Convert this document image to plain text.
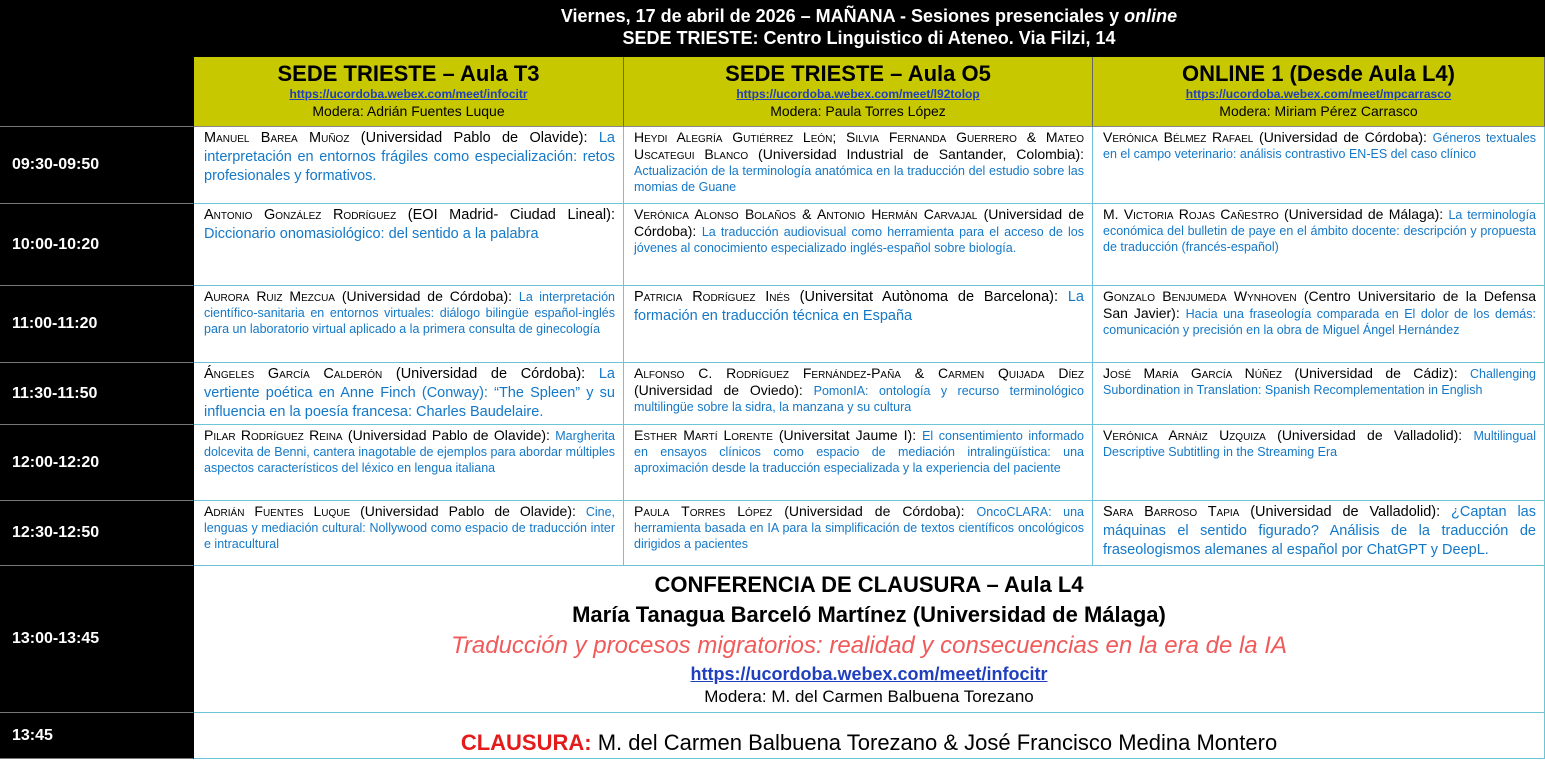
Viernes, 17 de abril de 2026 – MAÑANA - Sesiones presenciales y online
SEDE TRIESTE: Centro Linguistico di Ateneo. Via Filzi, 14
SEDE TRIESTE – Aula T3
https://ucordoba.webex.com/meet/infocitr
Modera: Adrián Fuentes Luque
SEDE TRIESTE – Aula O5
https://ucordoba.webex.com/meet/l92tolop
Modera: Paula Torres López
ONLINE 1 (Desde Aula L4)
https://ucordoba.webex.com/meet/mpcarrasco
Modera: Miriam Pérez Carrasco
09:30-09:50
Manuel Barea Muñoz (Universidad Pablo de Olavide): La interpretación en entornos frágiles como especialización: retos profesionales y formativos.
Heydi Alegría Gutiérrez León; Silvia Fernanda Guerrero & Mateo Uscategui Blanco (Universidad Industrial de Santander, Colombia): Actualización de la terminología anatómica en la traducción del estudio sobre las momias de Guane
Verónica Bélmez Rafael (Universidad de Córdoba): Géneros textuales en el campo veterinario: análisis contrastivo EN-ES del caso clínico
10:00-10:20
Antonio González Rodríguez (EOI Madrid- Ciudad Lineal): Diccionario onomasiológico: del sentido a la palabra
Verónica Alonso Bolaños & Antonio Hermán Carvajal (Universidad de Córdoba): La traducción audiovisual como herramienta para el acceso de los jóvenes al conocimiento especializado inglés-español sobre biología.
M. Victoria Rojas Cañestro (Universidad de Málaga): La terminología económica del bulletin de paye en el ámbito docente: descripción y propuesta de traducción (francés-español)
11:00-11:20
Aurora Ruiz Mezcua (Universidad de Córdoba): La interpretación científico-sanitaria en entornos virtuales: diálogo bilingüe español-inglés para un laboratorio virtual aplicado a la primera consulta de ginecología
Patricia Rodríguez Inés (Universitat Autònoma de Barcelona): La formación en traducción técnica en España
Gonzalo Benjumeda Wynhoven (Centro Universitario de la Defensa San Javier): Hacia una fraseología comparada en El dolor de los demás: comunicación y precisión en la obra de Miguel Ángel Hernández
11:30-11:50
Ángeles García Calderón (Universidad de Córdoba): La vertiente poética en Anne Finch (Conway): “The Spleen” y su influencia en la poesía francesa: Charles Baudelaire.
Alfonso C. Rodríguez Fernández-Paña & Carmen Quijada Díez (Universidad de Oviedo): PomonIA: ontología y recurso terminológico multilingüe sobre la sidra, la manzana y su cultura
José María García Núñez (Universidad de Cádiz): Challenging Subordination in Translation: Spanish Recomplementation in English
12:00-12:20
Pilar Rodríguez Reina (Universidad Pablo de Olavide): Margherita dolcevita de Benni, cantera inagotable de ejemplos para abordar múltiples aspectos característicos del léxico en lengua italiana
Esther Martí Lorente (Universitat Jaume I): El consentimiento informado en ensayos clínicos como espacio de mediación intralingüística: una aproximación desde la traducción especializada y la experiencia del paciente
Verónica Arnáiz Uzquiza (Universidad de Valladolid): Multilingual Descriptive Subtitling in the Streaming Era
12:30-12:50
Adrián Fuentes Luque (Universidad Pablo de Olavide): Cine, lenguas y mediación cultural: Nollywood como espacio de traducción inter e intracultural
Paula Torres López (Universidad de Córdoba): OncoCLARA: una herramienta basada en IA para la simplificación de textos científicos oncológicos dirigidos a pacientes
Sara Barroso Tapia (Universidad de Valladolid): ¿Captan las máquinas el sentido figurado? Análisis de la traducción de fraseologismos alemanes al español por ChatGPT y DeepL.
13:00-13:45
CONFERENCIA DE CLAUSURA – Aula L4
María Tanagua Barceló Martínez (Universidad de Málaga)
Traducción y procesos migratorios: realidad y consecuencias en la era de la IA
https://ucordoba.webex.com/meet/infocitr
Modera: M. del Carmen Balbuena Torezano
13:45	CLAUSURA: M. del Carmen Balbuena Torezano & José Francisco Medina Montero
